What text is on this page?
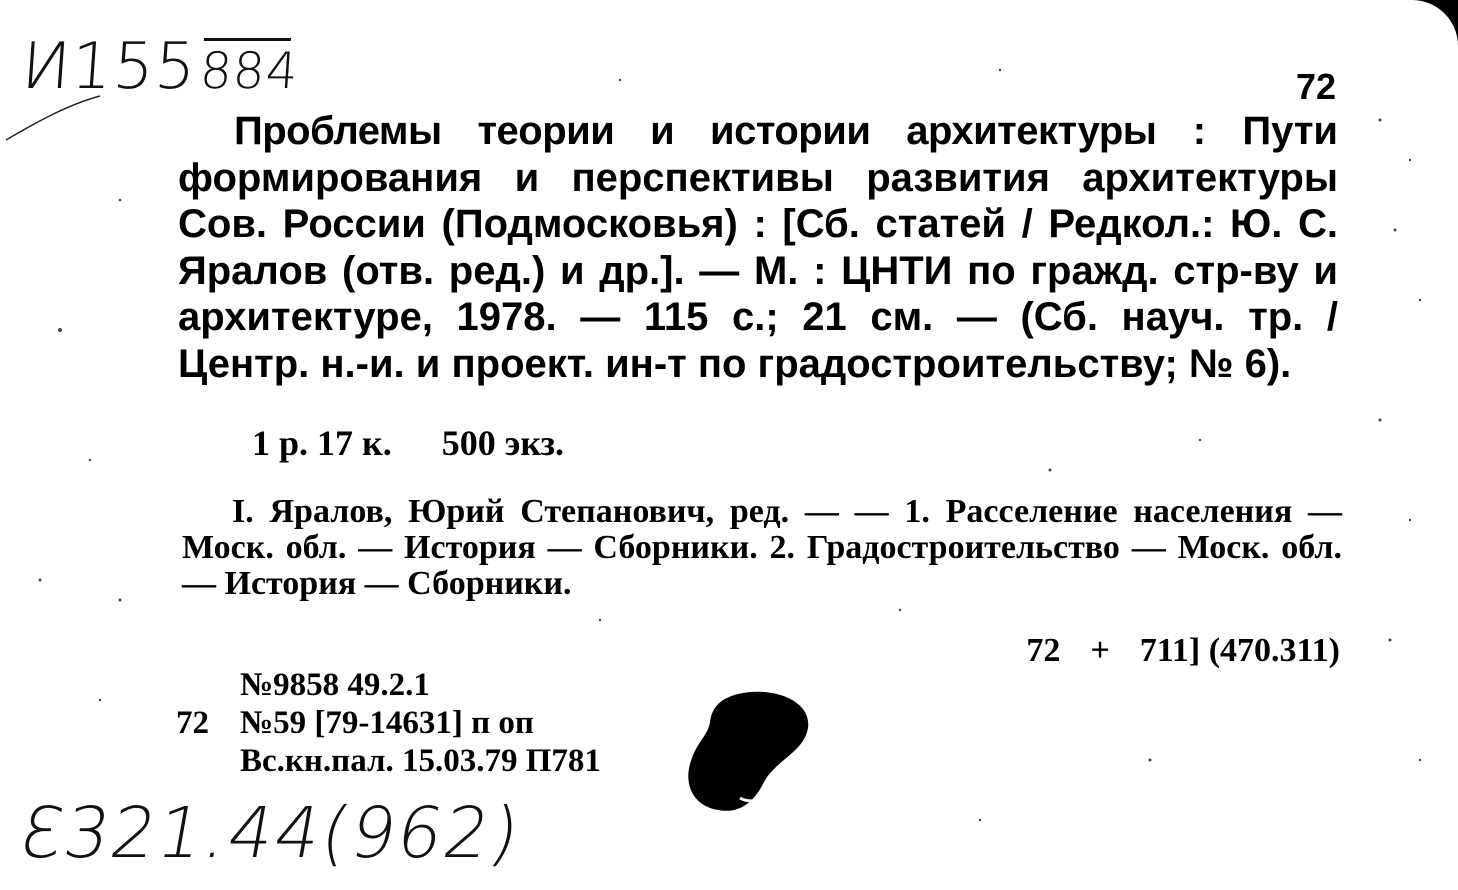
И155884	72

Проблемы теории и истории архитектуры : Пути формирования и перспективы развития архитектуры Сов. России (Подмосковья) : [Сб. статей / Редкол.: Ю. С. Яралов (отв. ред.) и др.]. — М. : ЦНТИ по гражд. стр-ву и архитектуре, 1978. — 115 с.; 21 см. — (Сб. науч. тр. / Центр. н.-и. и проект. ин-т по градостроительству; № 6).

1 р. 17 к. 500 экз.

I. Яралов, Юрий Степанович, ред. — — 1. Расселение населения — Моск. обл. — История — Сборники. 2. Градостроительство — Моск. обл. — История — Сборники.

72 + 711] (470.311)
№9858 49.2.1
72 №59 [79-14631] п оп
Вс.кн.пал. 15.03.79 П781
Ɛ321.44(962)
